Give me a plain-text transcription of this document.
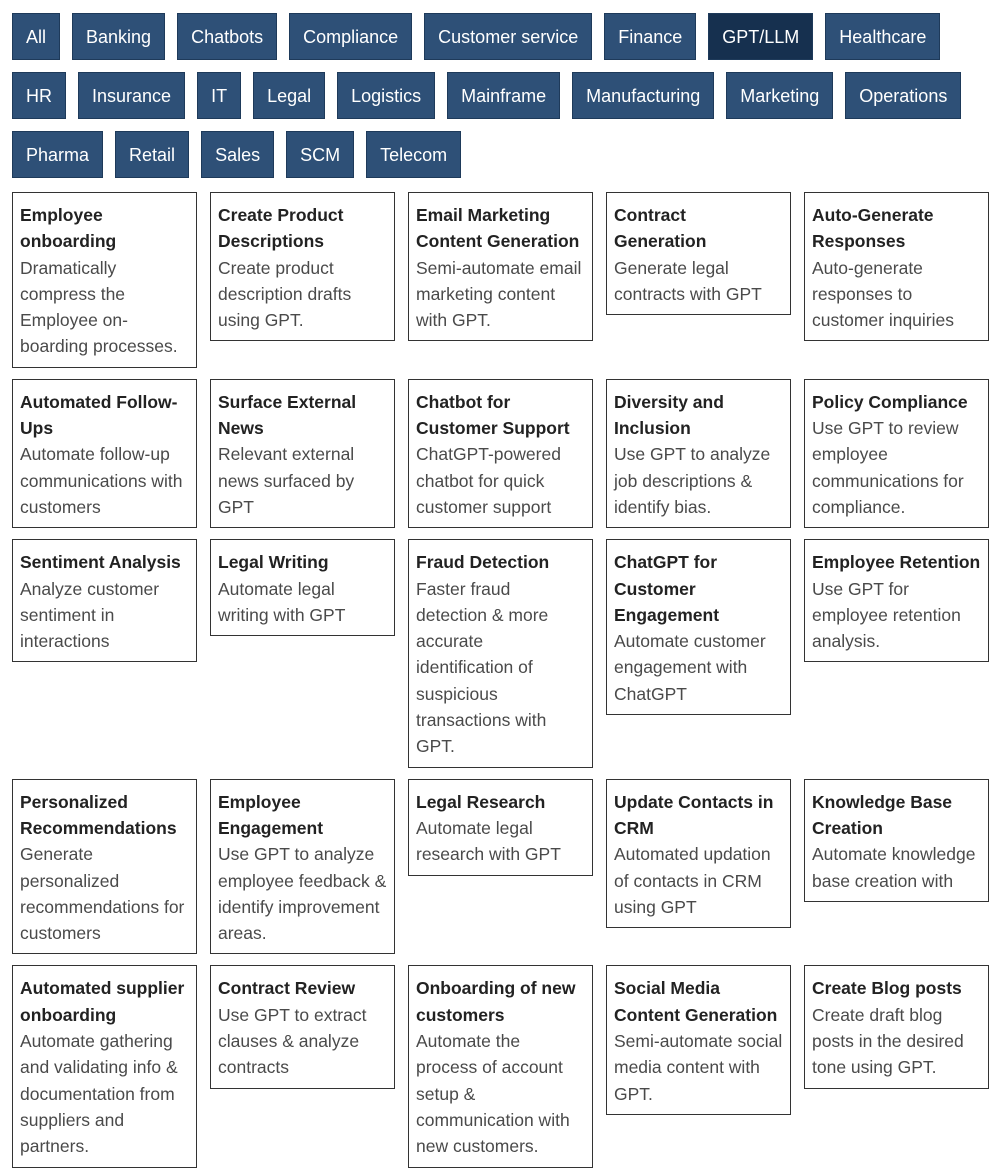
All	Banking	Chatbots	Compliance	Customer service	Finance	GPT/LLM	Healthcare
HR	Insurance	IT	Legal	Logistics	Mainframe	Manufacturing	Marketing	Operations
Pharma	Retail	Sales	SCM	Telecom
Employee onboarding
Dramatically compress the Employee on-boarding processes.
Create Product Descriptions
Create product description drafts using GPT.
Email Marketing Content Generation
Semi-automate email marketing content with GPT.
Contract Generation
Generate legal contracts with GPT
Auto-Generate Responses
Auto-generate responses to customer inquiries
Automated Follow-Ups
Automate follow-up communications with customers
Surface External News
Relevant external news surfaced by GPT
Chatbot for Customer Support
ChatGPT-powered chatbot for quick customer support
Diversity and Inclusion
Use GPT to analyze job descriptions & identify bias.
Policy Compliance
Use GPT to review employee communications for compliance.
Sentiment Analysis
Analyze customer sentiment in interactions
Legal Writing
Automate legal writing with GPT
Fraud Detection
Faster fraud detection & more accurate identification of suspicious transactions with GPT.
ChatGPT for Customer Engagement
Automate customer engagement with ChatGPT
Employee Retention
Use GPT for employee retention analysis.
Personalized Recommendations
Generate personalized recommendations for customers
Employee Engagement
Use GPT to analyze employee feedback & identify improvement areas.
Legal Research
Automate legal research with GPT
Update Contacts in CRM
Automated updation of contacts in CRM using GPT
Knowledge Base Creation
Automate knowledge base creation with
Automated supplier onboarding
Automate gathering and validating info & documentation from suppliers and partners.
Contract Review
Use GPT to extract clauses & analyze contracts
Onboarding of new customers
Automate the process of account setup & communication with new customers.
Social Media Content Generation
Semi-automate social media content with GPT.
Create Blog posts
Create draft blog posts in the desired tone using GPT.
